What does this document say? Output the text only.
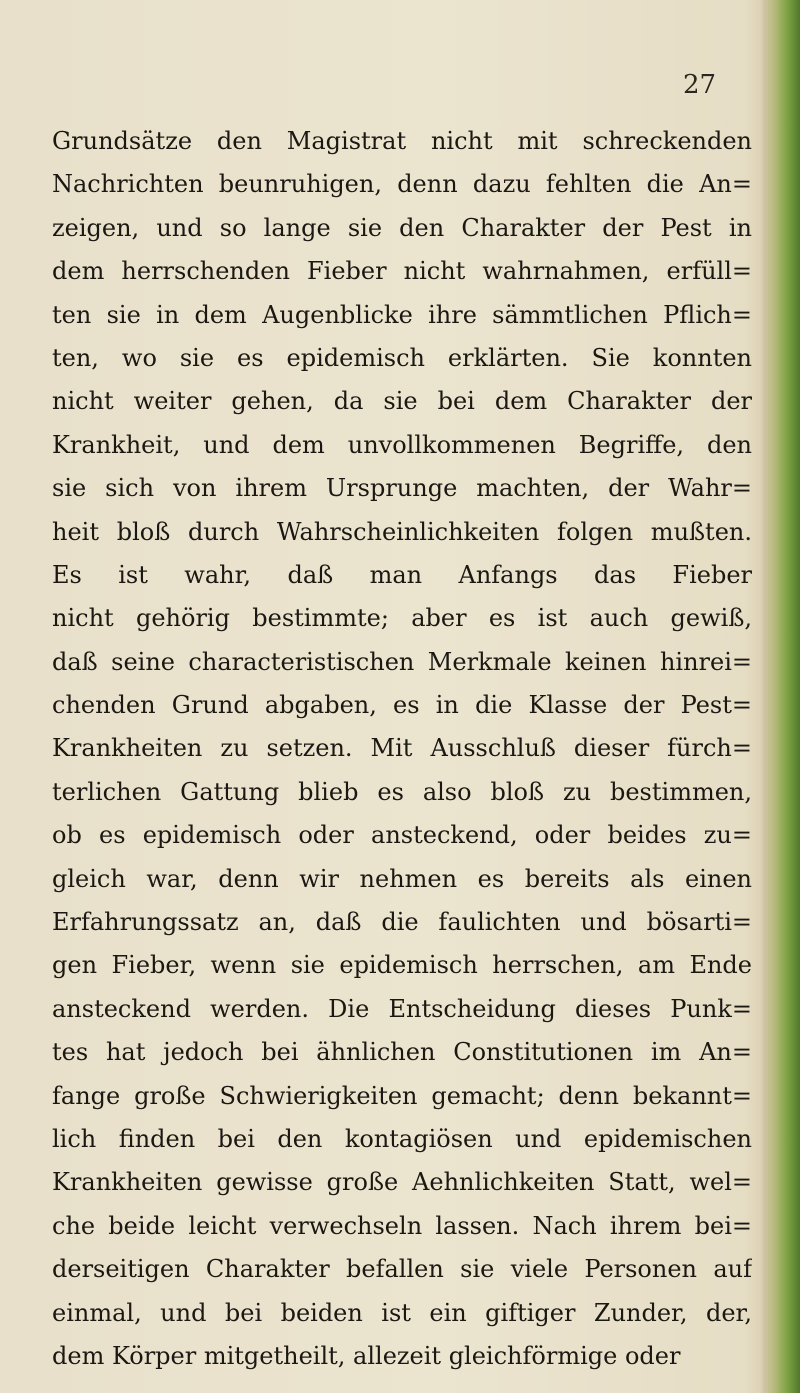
27
Grundsätze den Magistrat nicht mit schreckenden
Nachrichten beunruhigen, denn dazu fehlten die An=
zeigen, und so lange sie den Charakter der Pest in
dem herrschenden Fieber nicht wahrnahmen, erfüll=
ten sie in dem Augenblicke ihre sämmtlichen Pflich=
ten, wo sie es epidemisch erklärten. Sie konnten
nicht weiter gehen, da sie bei dem Charakter der
Krankheit, und dem unvollkommenen Begriffe, den
sie sich von ihrem Ursprunge machten, der Wahr=
heit bloß durch Wahrscheinlichkeiten folgen mußten.
Es ist wahr, daß man Anfangs das Fieber
nicht gehörig bestimmte; aber es ist auch gewiß,
daß seine characteristischen Merkmale keinen hinrei=
chenden Grund abgaben, es in die Klasse der Pest=
Krankheiten zu setzen. Mit Ausschluß dieser fürch=
terlichen Gattung blieb es also bloß zu bestimmen,
ob es epidemisch oder ansteckend, oder beides zu=
gleich war, denn wir nehmen es bereits als einen
Erfahrungssatz an, daß die faulichten und bösarti=
gen Fieber, wenn sie epidemisch herrschen, am Ende
ansteckend werden. Die Entscheidung dieses Punk=
tes hat jedoch bei ähnlichen Constitutionen im An=
fange große Schwierigkeiten gemacht; denn bekannt=
lich finden bei den kontagiösen und epidemischen
Krankheiten gewisse große Aehnlichkeiten Statt, wel=
che beide leicht verwechseln lassen. Nach ihrem bei=
derseitigen Charakter befallen sie viele Personen auf
einmal, und bei beiden ist ein giftiger Zunder, der,
dem Körper mitgetheilt, allezeit gleichförmige oder
